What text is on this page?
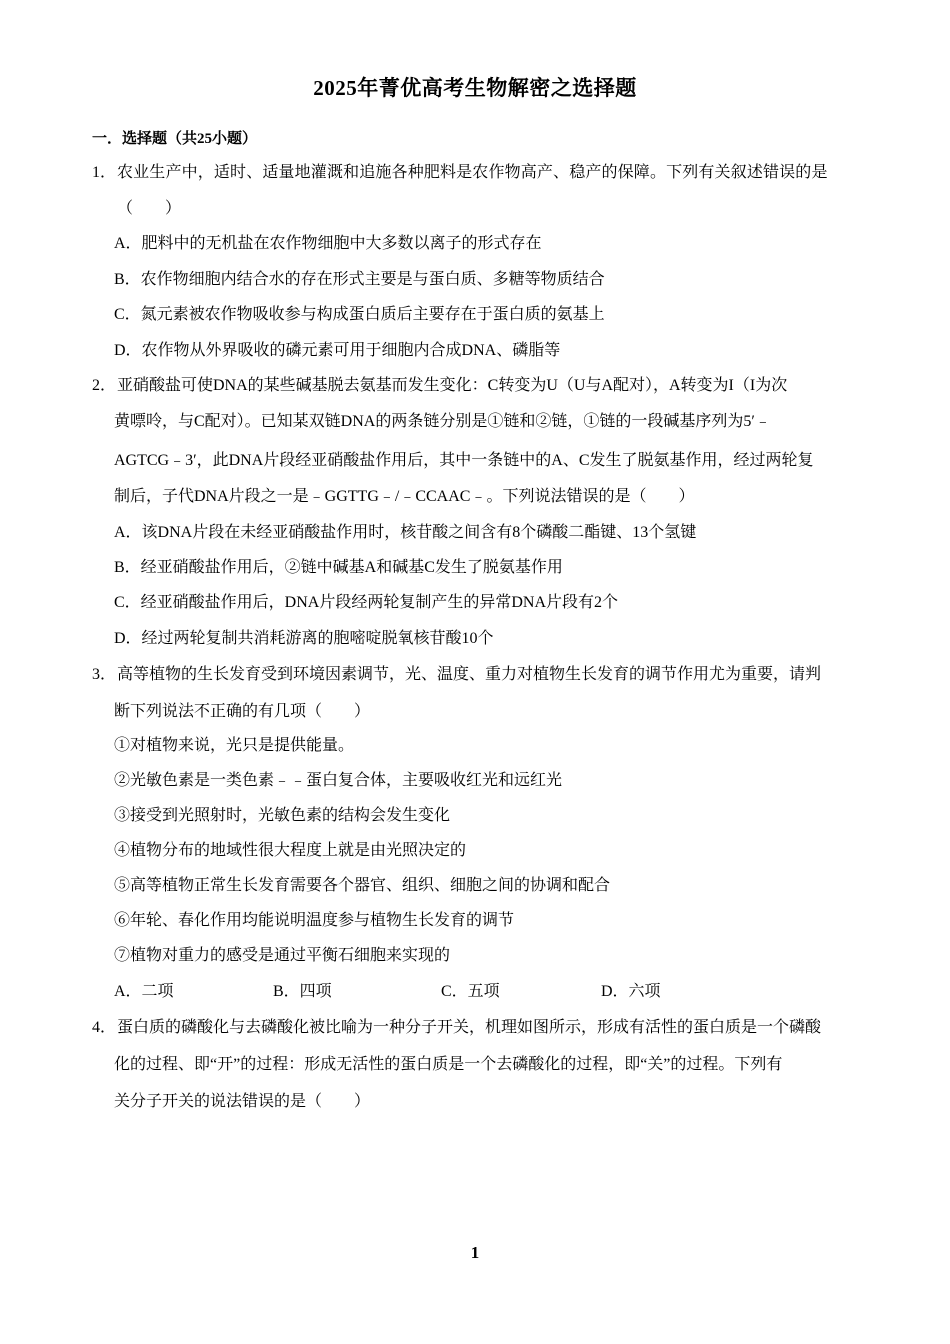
2025年菁优高考生物解密之选择题
一．选择题（共25小题）
1． 农业生产中，适时、适量地灌溉和追施各种肥料是农作物高产、稳产的保障。下列有关叙述错误的是
（　　）
A．肥料中的无机盐在农作物细胞中大多数以离子的形式存在
B．农作物细胞内结合水的存在形式主要是与蛋白质、多糖等物质结合
C．氮元素被农作物吸收参与构成蛋白质后主要存在于蛋白质的氨基上
D．农作物从外界吸收的磷元素可用于细胞内合成DNA、磷脂等
2． 亚硝酸盐可使DNA的某些碱基脱去氨基而发生变化：C转变为U（U与A配对），A转变为I（I为次
黄嘌呤，与C配对）。已知某双链DNA的两条链分别是①链和②链，①链的一段碱基序列为5′﹣
AGTCG﹣3′，此DNA片段经亚硝酸盐作用后，其中一条链中的A、C发生了脱氨基作用，经过两轮复
制后，子代DNA片段之一是﹣GGTTG﹣/﹣CCAAC﹣。下列说法错误的是（　　）
A．该DNA片段在未经亚硝酸盐作用时，核苷酸之间含有8个磷酸二酯键、13个氢键
B．经亚硝酸盐作用后，②链中碱基A和碱基C发生了脱氨基作用
C．经亚硝酸盐作用后，DNA片段经两轮复制产生的异常DNA片段有2个
D．经过两轮复制共消耗游离的胞嘧啶脱氧核苷酸10个
3． 高等植物的生长发育受到环境因素调节，光、温度、重力对植物生长发育的调节作用尤为重要，请判
断下列说法不正确的有几项（　　）
①对植物来说，光只是提供能量。
②光敏色素是一类色素﹣﹣蛋白复合体，主要吸收红光和远红光
③接受到光照射时，光敏色素的结构会发生变化
④植物分布的地域性很大程度上就是由光照决定的
⑤高等植物正常生长发育需要各个器官、组织、细胞之间的协调和配合
⑥年轮、春化作用均能说明温度参与植物生长发育的调节
⑦植物对重力的感受是通过平衡石细胞来实现的
A．二项	B．四项	C．五项	D．六项
4． 蛋白质的磷酸化与去磷酸化被比喻为一种分子开关，机理如图所示，形成有活性的蛋白质是一个磷酸
化的过程、即“开”的过程：形成无活性的蛋白质是一个去磷酸化的过程，即“关”的过程。下列有
关分子开关的说法错误的是（　　）
1
